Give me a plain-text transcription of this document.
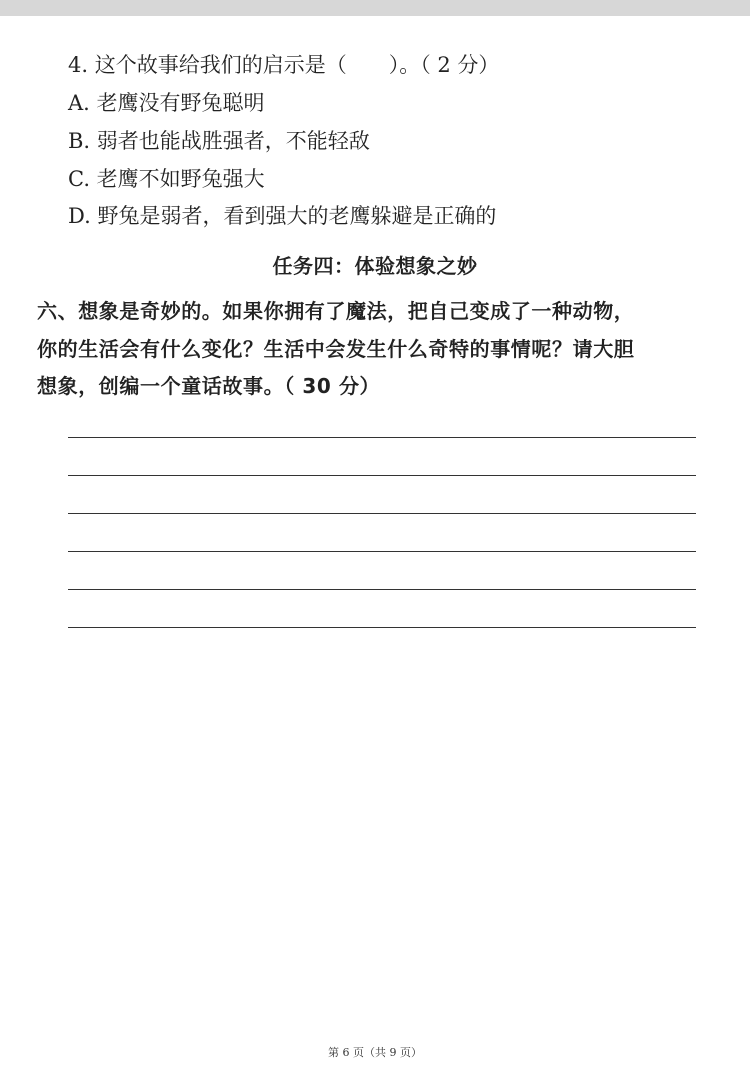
4. 这个故事给我们的启示是（　　）。（ 2 分）
A. 老鹰没有野兔聪明
B. 弱者也能战胜强者，不能轻敌
C. 老鹰不如野兔强大
D. 野兔是弱者，看到强大的老鹰躲避是正确的
任务四：体验想象之妙
六、想象是奇妙的。如果你拥有了魔法，把自己变成了一种动物，
你的生活会有什么变化？生活中会发生什么奇特的事情呢？请大胆
想象，创编一个童话故事。（ 30 分）
第 6 页（共 9 页）
